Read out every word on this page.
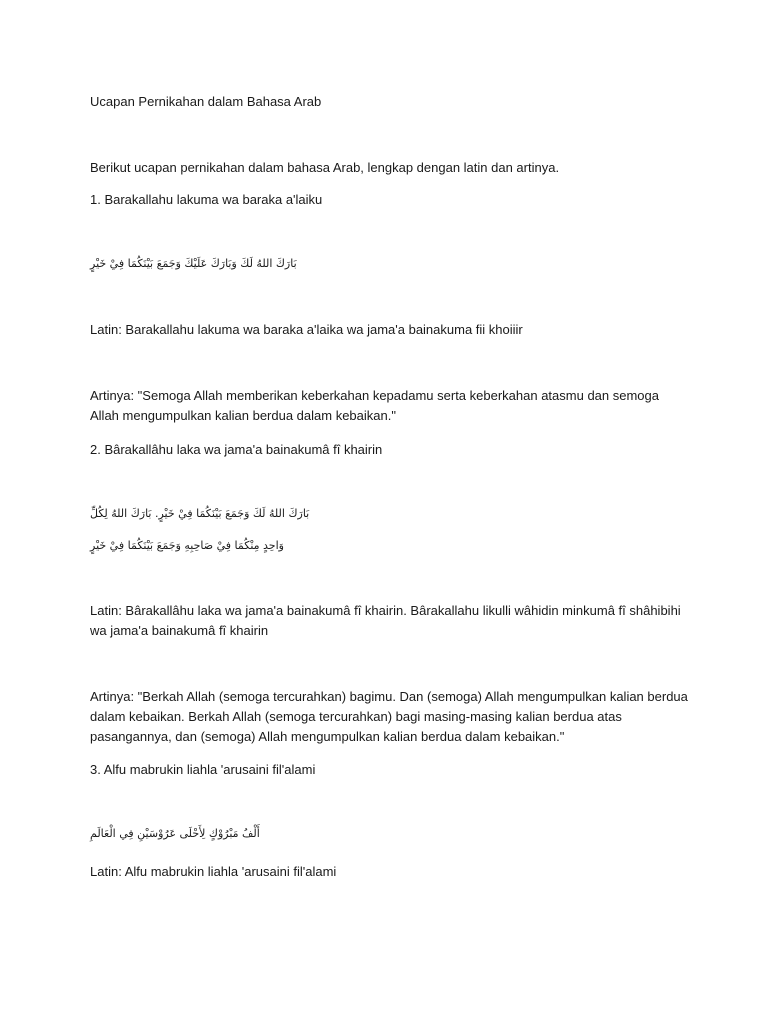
Ucapan Pernikahan dalam Bahasa Arab
Berikut ucapan pernikahan dalam bahasa Arab, lengkap dengan latin dan artinya.
1. Barakallahu lakuma wa baraka a'laiku
بَارَكَ اللهُ لَكَ وَبَارَكَ عَلَيْكَ وَجَمَعَ بَيْنَكُمَا فِيْ خَيْرٍ
Latin: Barakallahu lakuma wa baraka a'laika wa jama'a bainakuma fii khoiiir
Artinya: "Semoga Allah memberikan keberkahan kepadamu serta keberkahan atasmu dan semoga Allah mengumpulkan kalian berdua dalam kebaikan."
2. Bârakallâhu laka wa jama'a bainakumâ fî khairin
بَارَكَ اللهُ لَكَ وَجَمَعَ بَيْنَكُمَا فِيْ خَيْرٍ. بَارَكَ اللهُ لِكُلِّ
وَاحِدٍ مِنْكُمَا فِيْ صَاحِبِهِ وَجَمَعَ بَيْنَكُمَا فِيْ خَيْرٍ
Latin: Bârakallâhu laka wa jama'a bainakumâ fî khairin. Bârakallahu likulli wâhidin minkumâ fî shâhibihi wa jama'a bainakumâ fî khairin
Artinya: "Berkah Allah (semoga tercurahkan) bagimu. Dan (semoga) Allah mengumpulkan kalian berdua dalam kebaikan. Berkah Allah (semoga tercurahkan) bagi masing-masing kalian berdua atas pasangannya, dan (semoga) Allah mengumpulkan kalian berdua dalam kebaikan."
3. Alfu mabrukin liahla 'arusaini fil'alami
أَلْفُ مَبْرُوْكٍ لِأَحْلَى عَرُوْسَيْنِ فِي الْعَالَمِ
Latin: Alfu mabrukin liahla 'arusaini fil'alami
